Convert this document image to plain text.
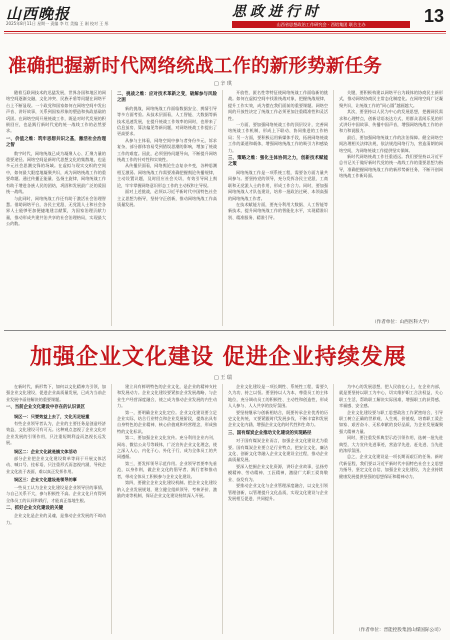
山西晚报
2025年8月11日 星期一 责编 李 红 美编 王 刚 校对 王 彤
思政进行时
山西省思想政治工作研究会 · 西铝集团 联合主办	13
准确把握新时代网络统战工作的新形势新任务
□ 辛 琪

随着互联网技术的迅猛发展，世界各国和地区的网络空间逐渐交融，文化冲突、民族矛盾等问题在网络平台上不断显现。一个政党和国家如何在网络空间中发出声音、讲好故事，关系到国家形象的塑造和执政基础的巩固。在网络空间开展统战工作，既是对时代发展的积极回应，也是践行新时代党的统一战线工作的必然要求。

一、价值之维：筑牢思想共识之基，激活社会治理之智

数字时代，网络统战已成为凝聚人心、汇聚力量的重要途径。网络空间是新时代思想文化的集散地，也是多元社会思潮交锋的场域。在虚拟与现实交织的空间中，如何最大限度地凝聚共识，成为网络统战工作的重要命题。通过传播正能量、弘扬主旋律，网络统战工作有助于增进各族人民的团结，巩固和发展最广泛的爱国统一战线。

与此同时，网络统战工作还有助于激活社会治理智慧。借助网络平台，各民主党派、无党派人士和社会各界人士能够更加便捷地建言献策，为国家治理贡献力量，推动形成共建共治共享的社会治理格局，实现最大公约数。

二、挑战之维：应对技术革新之变，破解参与风险之困

新的挑战，网络统战工作面临数据安全、舆情引导等多方面考验。从技术层面看，人工智能、大数据等新技术迅速发展，在提升统战工作效率的同时，也带来了信息茧房、算法偏见等新问题，对网络统战工作提出了更高要求。

从参与主体看，网络空间中参与者身份多元、诉求复杂，部分群体容易受到错误思潮的影响，增加了统战工作的难度。因此，必须坚持问题导向，不断提升网络统战工作的针对性和实效性。

从传播层面看，网络舆论生态复杂多变，各种思潮相互激荡。网络统战工作需要准确把握舆论传播规律，主动设置议题，及时回应社会关切，有效引导网上舆论，牢牢掌握网络意识形态工作的主动权和主导权。

面对上述挑战，必须以习近平新时代中国特色社会主义思想为指导，坚持守正创新，推动网络统战工作高质量发展。

开放性、匿名性等特征使网络统战工作面临新的挑战。如何在虚拟空间中找准统战对象，把握统战规律，提升工作实效，成为摆在我们面前的重要课题。网络空间的开放性决定了统战工作必须更加注重精准性和灵活性。

一方面，要加强网络统战工作的顶层设计，完善网络统战工作机制，形成上下联动、协同推进的工作格局；另一方面，要积极运用新媒体手段，拓展网络统战工作的渠道和载体，增强网络统战工作的吸引力和感染力。

三、策略之维：强化主体协同之力，创新技术赋能之策

网络统战工作是一项系统工程，需要各方面力量共同参与。要坚持党的领导，充分发挥各民主党派、工商联和无党派人士的作用，形成工作合力。同时，要加强网络统战人才队伍建设，培养一批政治过硬、本领高强的网络统战工作者。

在技术赋能方面，要充分利用大数据、人工智能等新技术，提升网络统战工作的智能化水平，实现精准识别、精准服务、精准引导。

关键，要积极构建以网络平台为载体的协商民主新形式，推动网络协商民主常态化制度化。在网络空间广泛凝聚共识，让统战工作的“同心圆”越画越大。

其次，要坚持以人民为中心的发展思想，把握网民需求和心理特点，创新话语表达方式，用群众喜闻乐见的形式讲好中国故事、传播中国声音，增强网络统战工作的亲和力和说服力。

最后，要加强网络统战工作的法治保障。健全网络空间治理相关法律法规，依法规范网络行为，营造清朗的网络空间，为网络统战工作提供坚实保障。

新时代网络统战工作任重道远。我们要坚持以习近平总书记关于做好新时代党的统一战线工作的重要思想为指导，准确把握网络统战工作的新形势新任务，不断开创网络统战工作新局面。

（作者单位：山西医科大学）
加强企业文化建设 促进企业持续发展
□ 王 瑞

在新时代，新形势下，如何以文化精神为引领，加强企业文化建设，促进企业高质量发展，已成为当前企业发展中亟待解决的重要课题。

一、当前企业文化建设中存在的认识误区

误区一：只要效益上去了，文化无足轻重

有些企业领导者认为，企业的主要任务是创造经济效益，文化建设可有可无。这种观点忽视了企业文化对企业发展的引领作用，只注重短期利益而忽视长远发展。

误区二：企业文化就是搞文体活动

部分企业把企业文化建设简单等同于开展文体活动、喊口号、挂标语，只注重形式而忽视内涵，导致企业文化流于表面，难以真正发挥作用。

误区三：企业文化建设是领导的事

一些员工认为企业文化建设是企业领导层的事情，与自己关系不大，参与积极性不高。企业文化只有得到全体员工的认同和践行，才能真正落地生根。

二、抓好企业文化建设的关键

企业文化是企业的灵魂，是推动企业发展的不竭动力。

建立具有鲜明特色的企业文化，是企业的精神支柱和发展动力。企业文化建设要紧扣企业发展战略，与企业生产经营深度融合，使之成为推动企业发展的内生动力。

第一，要明确企业文化定位。企业文化建设要立足企业实际，结合行业特点和企业发展阶段，提炼出具有自身特色的企业精神、核心价值观和经营理念，形成独特的文化标识。

第二，要加强企业文化宣传。充分利用企业内刊、网站、微信公众号等载体，广泛宣传企业文化理念，使之深入人心，内化于心、外化于行，成为全体员工的共同遵循。

第三，要发挥领导示范作用。企业领导者要率先垂范，以身作则，做企业文化的倡导者、践行者和推动者，带动全体员工积极参与企业文化建设。

第四，要健全企业文化建设机制。把企业文化建设纳入企业发展规划，建立健全组织领导、考核评价、激励约束等机制，保证企业文化建设持续深入开展。

企业文化建设是一项长期性、系统性工程，需要久久为功、持之以恒。要坚持以人为本，尊重员工的主体地位，充分调动员工的积极性、主动性和创造性，形成人人参与、人人共享的良好氛围。

要坚持继承与创新相结合，既要传承企业优秀的历史文化传统，又要紧跟时代发展步伐，不断丰富和发展企业文化内涵，增强企业文化的时代性和生命力。

三、国有煤炭企业推动文化建设的实现路径

对于国有煤炭企业而言，加强企业文化建设尤为重要。国有煤炭企业要立足行业特点，把安全文化、廉洁文化、创新文化等融入企业文化建设全过程，推动企业高质量发展。

要深入挖掘企业文化资源，讲好企业故事，弘扬劳模精神、劳动精神、工匠精神，激励广大职工爱岗敬业、奋发有为。

要推动企业文化与企业管理深度融合，以文化引领管理创新，以管理提升文化品质，实现文化建设与企业发展相互促进、共同提升。

为中心的发展思想，把人民放在心上，在企业内部，就是要坚持以职工为中心，切实维护职工合法权益，关心职工生活，帮助职工解决实际困难，增强职工的获得感、幸福感、安全感。

企业文化建设要与职工思想政治工作紧密结合，引导职工树立正确的世界观、人生观、价值观，培育职工爱企如家、艰苦奋斗、无私奉献的良好品质，为企业发展凝聚强大精神力量。

同时，要注重发挥典型示范引领作用，选树一批先进典型，大力宣传先进事迹，营造学先进、赶先进、当先进的浓厚氛围。

总之，企业文化建设是一项长期而艰巨的任务。新时代新征程，我们要以习近平新时代中国特色社会主义思想为指导，坚定文化自信，加强企业文化建设，为企业持续健康发展提供坚强的思想保证和精神动力。

（作者单位：晋能控股集团山煤国际公司）
